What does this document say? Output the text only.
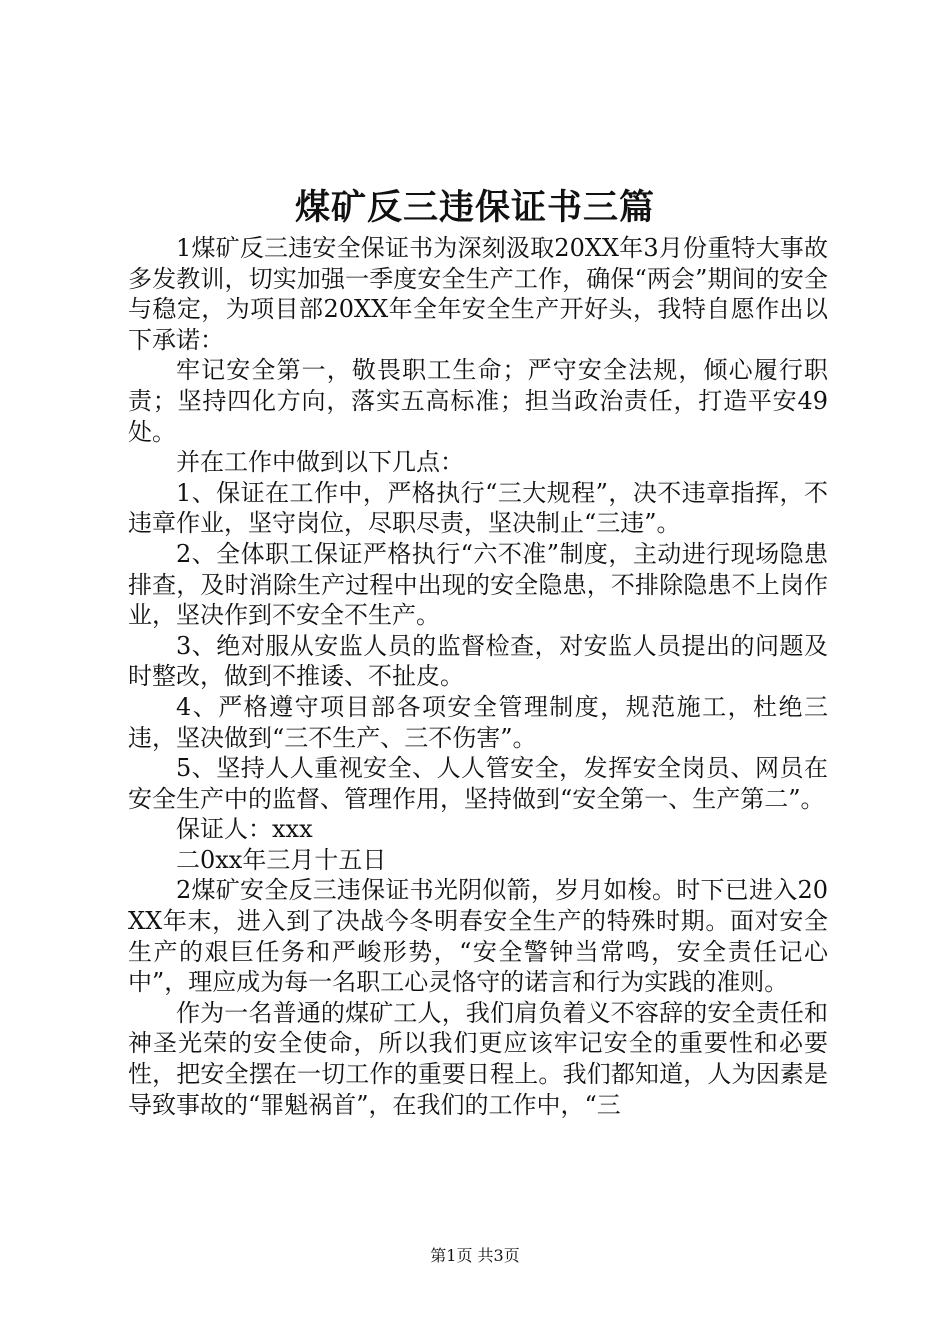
煤矿反三违保证书三篇

1煤矿反三违安全保证书为深刻汲取20XX年3月份重特大事故多发教训，切实加强一季度安全生产工作，确保“两会”期间的安全与稳定，为项目部20XX年全年安全生产开好头，我特自愿作出以下承诺：

牢记安全第一，敬畏职工生命；严守安全法规，倾心履行职责；坚持四化方向，落实五高标准；担当政治责任，打造平安49处。

并在工作中做到以下几点：

1、保证在工作中，严格执行“三大规程”，决不违章指挥，不违章作业，坚守岗位，尽职尽责，坚决制止“三违”。

2、全体职工保证严格执行“六不准”制度，主动进行现场隐患排查，及时消除生产过程中出现的安全隐患，不排除隐患不上岗作业，坚决作到不安全不生产。

3、绝对服从安监人员的监督检查，对安监人员提出的问题及时整改，做到不推诿、不扯皮。

4、严格遵守项目部各项安全管理制度，规范施工，杜绝三违，坚决做到“三不生产、三不伤害”。

5、坚持人人重视安全、人人管安全，发挥安全岗员、网员在安全生产中的监督、管理作用，坚持做到“安全第一、生产第二”。

保证人：xxx

二0xx年三月十五日

2煤矿安全反三违保证书光阴似箭，岁月如梭。时下已进入20XX年末，进入到了决战今冬明春安全生产的特殊时期。面对安全生产的艰巨任务和严峻形势，“安全警钟当常鸣，安全责任记心中”，理应成为每一名职工心灵恪守的诺言和行为实践的准则。

作为一名普通的煤矿工人，我们肩负着义不容辞的安全责任和神圣光荣的安全使命，所以我们更应该牢记安全的重要性和必要性，把安全摆在一切工作的重要日程上。我们都知道，人为因素是导致事故的“罪魁祸首”，在我们的工作中，“三

第1页 共3页
